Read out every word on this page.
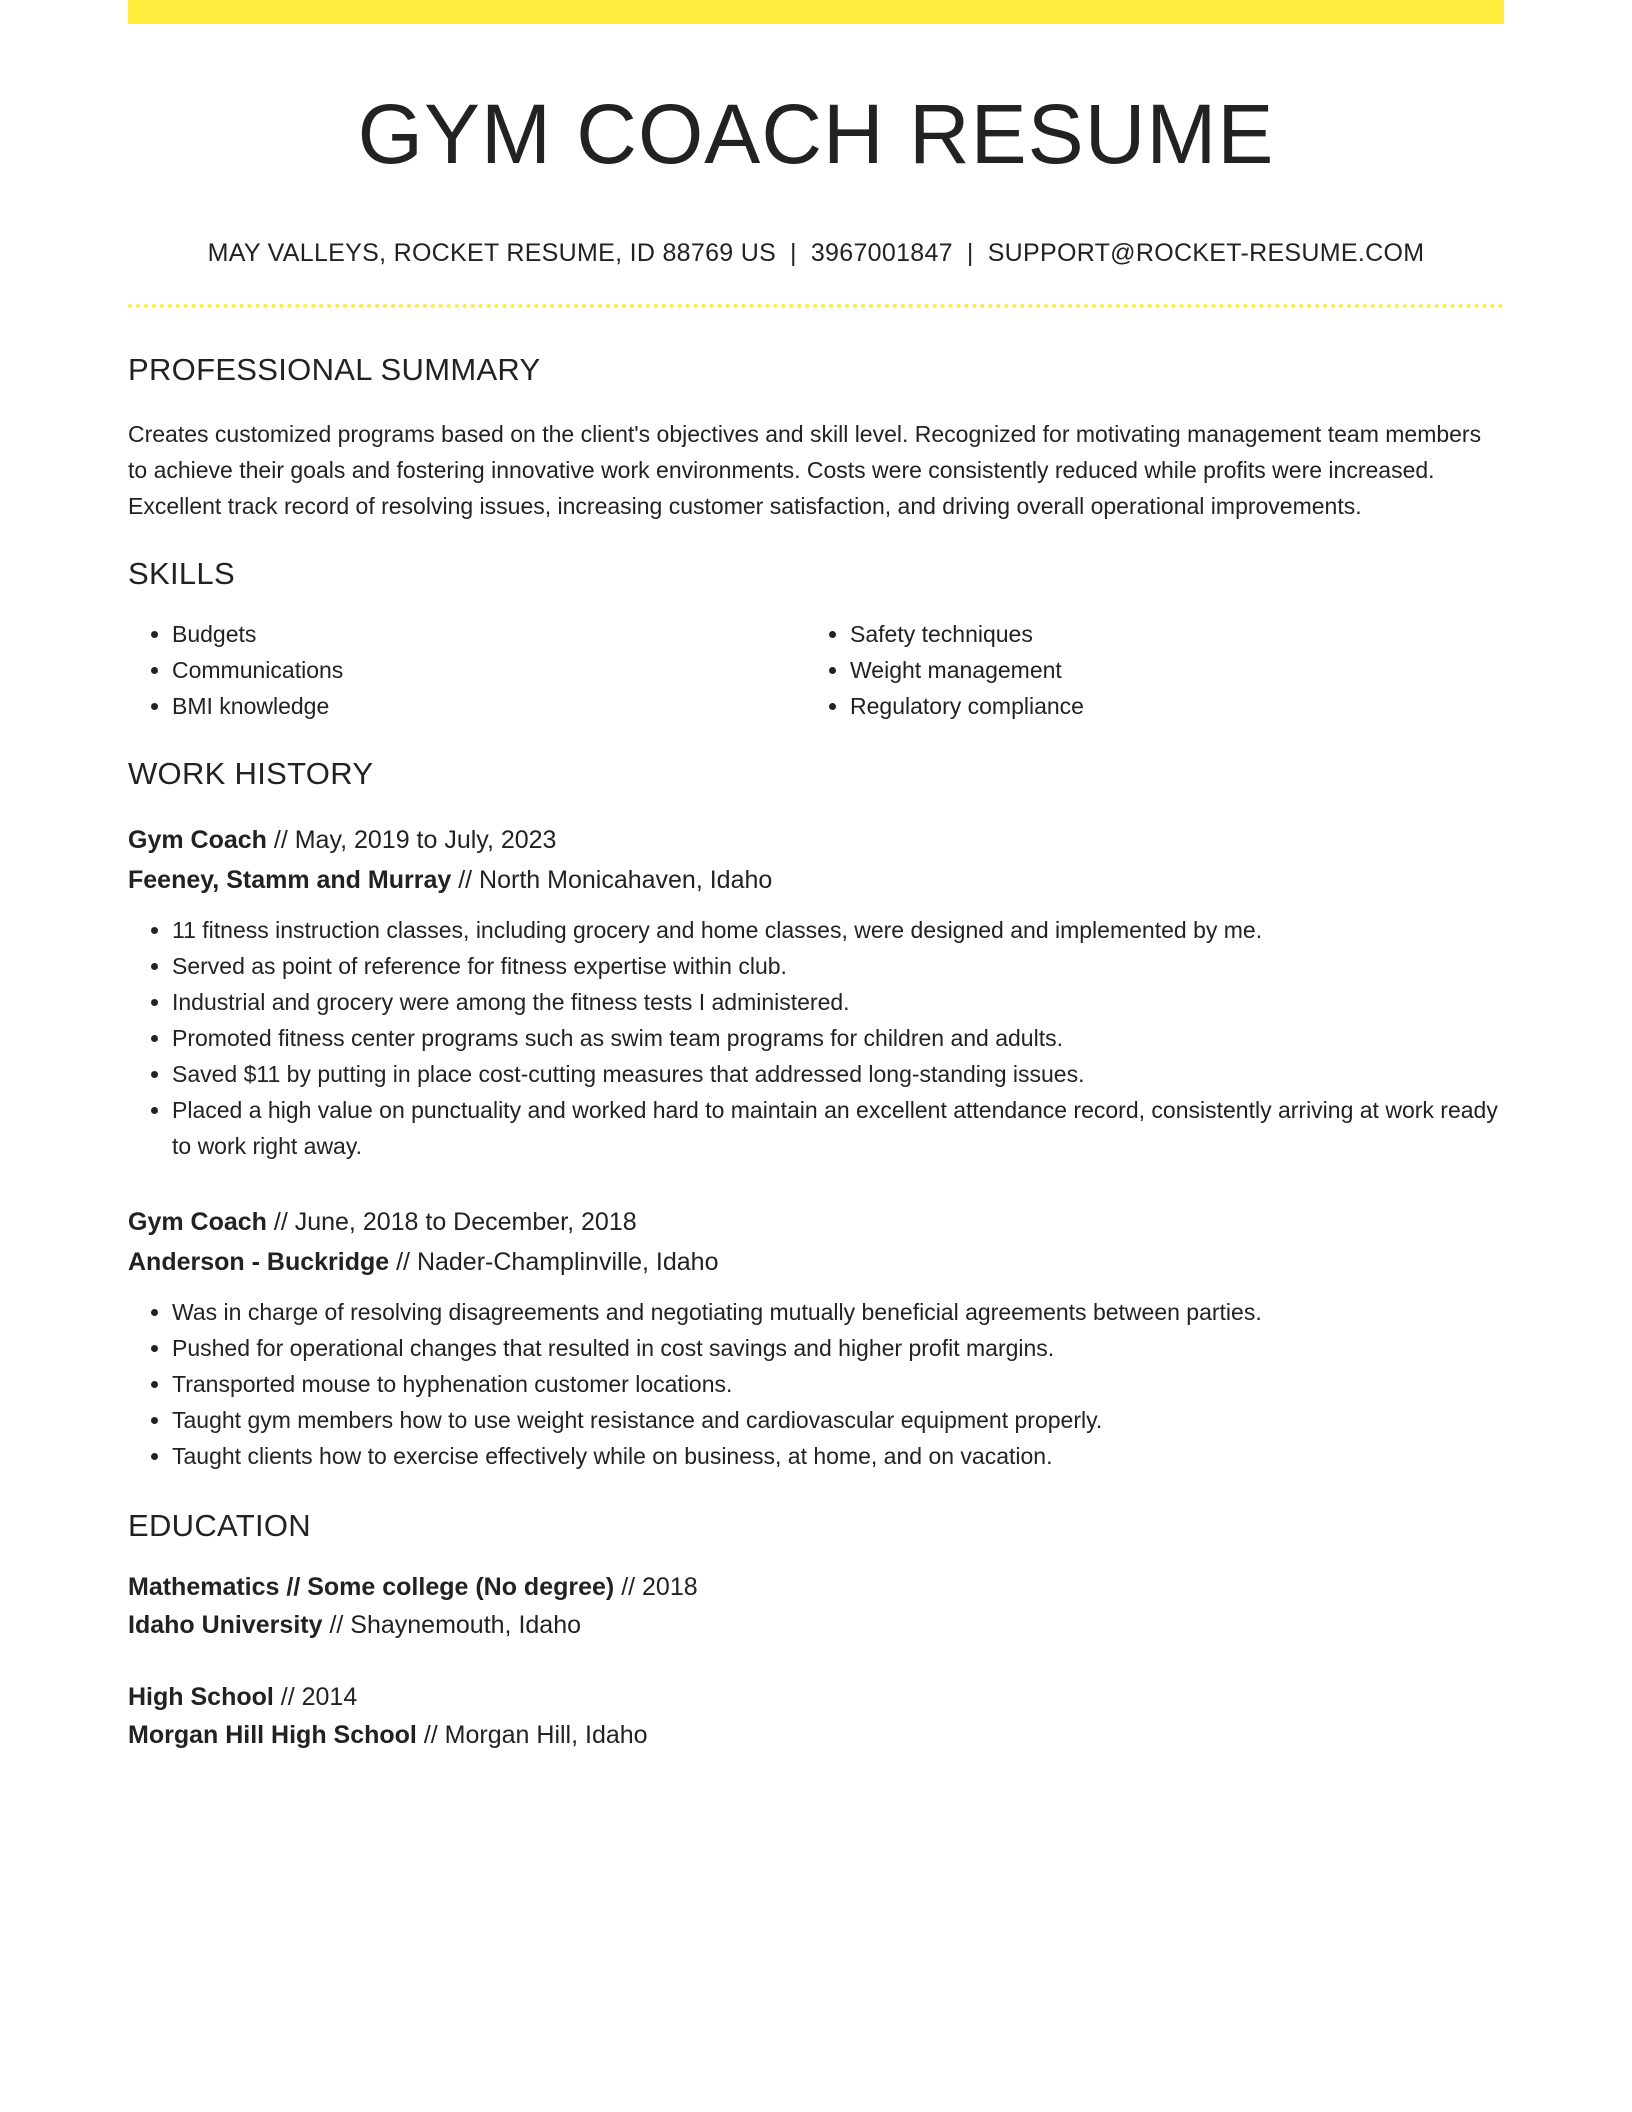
GYM COACH RESUME
MAY VALLEYS, ROCKET RESUME, ID 88769 US | 3967001847 | SUPPORT@ROCKET-RESUME.COM
PROFESSIONAL SUMMARY

Creates customized programs based on the client's objectives and skill level. Recognized for motivating management team members to achieve their goals and fostering innovative work environments. Costs were consistently reduced while profits were increased. Excellent track record of resolving issues, increasing customer satisfaction, and driving overall operational improvements.

SKILLS
• Budgets
• Communications
• BMI knowledge
• Safety techniques
• Weight management
• Regulatory compliance
WORK HISTORY
Gym Coach // May, 2019 to July, 2023
Feeney, Stamm and Murray // North Monicahaven, Idaho
• 11 fitness instruction classes, including grocery and home classes, were designed and implemented by me.
• Served as point of reference for fitness expertise within club.
• Industrial and grocery were among the fitness tests I administered.
• Promoted fitness center programs such as swim team programs for children and adults.
• Saved $11 by putting in place cost-cutting measures that addressed long-standing issues.
• Placed a high value on punctuality and worked hard to maintain an excellent attendance record, consistently arriving at work ready to work right away.
Gym Coach // June, 2018 to December, 2018
Anderson - Buckridge // Nader-Champlinville, Idaho
• Was in charge of resolving disagreements and negotiating mutually beneficial agreements between parties.
• Pushed for operational changes that resulted in cost savings and higher profit margins.
• Transported mouse to hyphenation customer locations.
• Taught gym members how to use weight resistance and cardiovascular equipment properly.
• Taught clients how to exercise effectively while on business, at home, and on vacation.
EDUCATION
Mathematics // Some college (No degree) // 2018
Idaho University // Shaynemouth, Idaho
High School // 2014
Morgan Hill High School // Morgan Hill, Idaho
